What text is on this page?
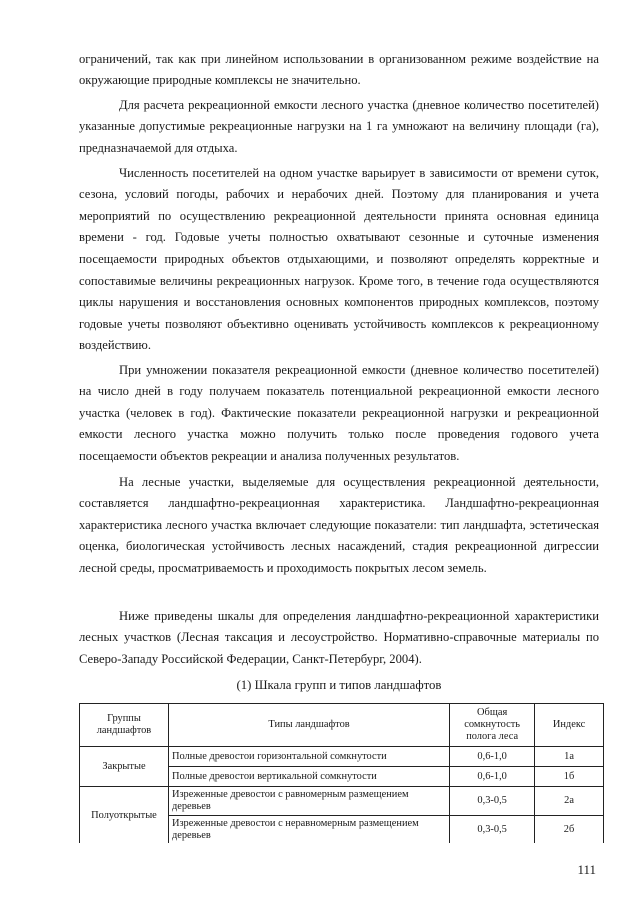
ограничений, так как при линейном использовании в организованном режиме воздействие на окружающие природные комплексы не значительно.

Для расчета рекреационной емкости лесного участка (дневное количество посетителей) указанные допустимые рекреационные нагрузки на 1 га умножают на величину площади (га), предназначаемой для отдыха.

Численность посетителей на одном участке варьирует в зависимости от времени суток, сезона, условий погоды, рабочих и нерабочих дней. Поэтому для планирования и учета мероприятий по осуществлению рекреационной деятельности принята основная единица времени - год. Годовые учеты полностью охватывают сезонные и суточные изменения посещаемости природных объектов отдыхающими, и позволяют определять корректные и сопоставимые величины рекреационных нагрузок. Кроме того, в течение года осуществляются циклы нарушения и восстановления основных компонентов природных комплексов, поэтому годовые учеты позволяют объективно оценивать устойчивость комплексов к рекреационному воздействию.

При умножении показателя рекреационной емкости (дневное количество посетителей) на число дней в году получаем показатель потенциальной рекреационной емкости лесного участка (человек в год). Фактические показатели рекреационной нагрузки и рекреационной емкости лесного участка можно получить только после проведения годового учета посещаемости объектов рекреации и анализа полученных результатов.

На лесные участки, выделяемые для осуществления рекреационной деятельности, составляется ландшафтно-рекреационная характеристика. Ландшафтно-рекреационная характеристика лесного участка включает следующие показатели: тип ландшафта, эстетическая оценка, биологическая устойчивость лесных насаждений, стадия рекреационной дигрессии лесной среды, просматриваемость и проходимость покрытых лесом земель.

Ниже приведены шкалы для определения ландшафтно-рекреационной характеристики лесных участков (Лесная таксация и лесоустройство. Нормативно-справочные материалы по Северо-Западу Российской Федерации, Санкт-Петербург, 2004).

(1) Шкала групп и типов ландшафтов
Группы ландшафтов	Типы ландшафтов	Общая сомкнутость полога леса	Индекс
Закрытые	Полные древостои горизонтальной сомкнутости	0,6-1,0	1а
	Полные древостои вертикальной сомкнутости	0,6-1,0	1б
Полуоткрытые	Изреженные древостои с равномерным размещением деревьев	0,3-0,5	2а
	Изреженные древостои с неравномерным размещением деревьев	0,3-0,5	2б
111
